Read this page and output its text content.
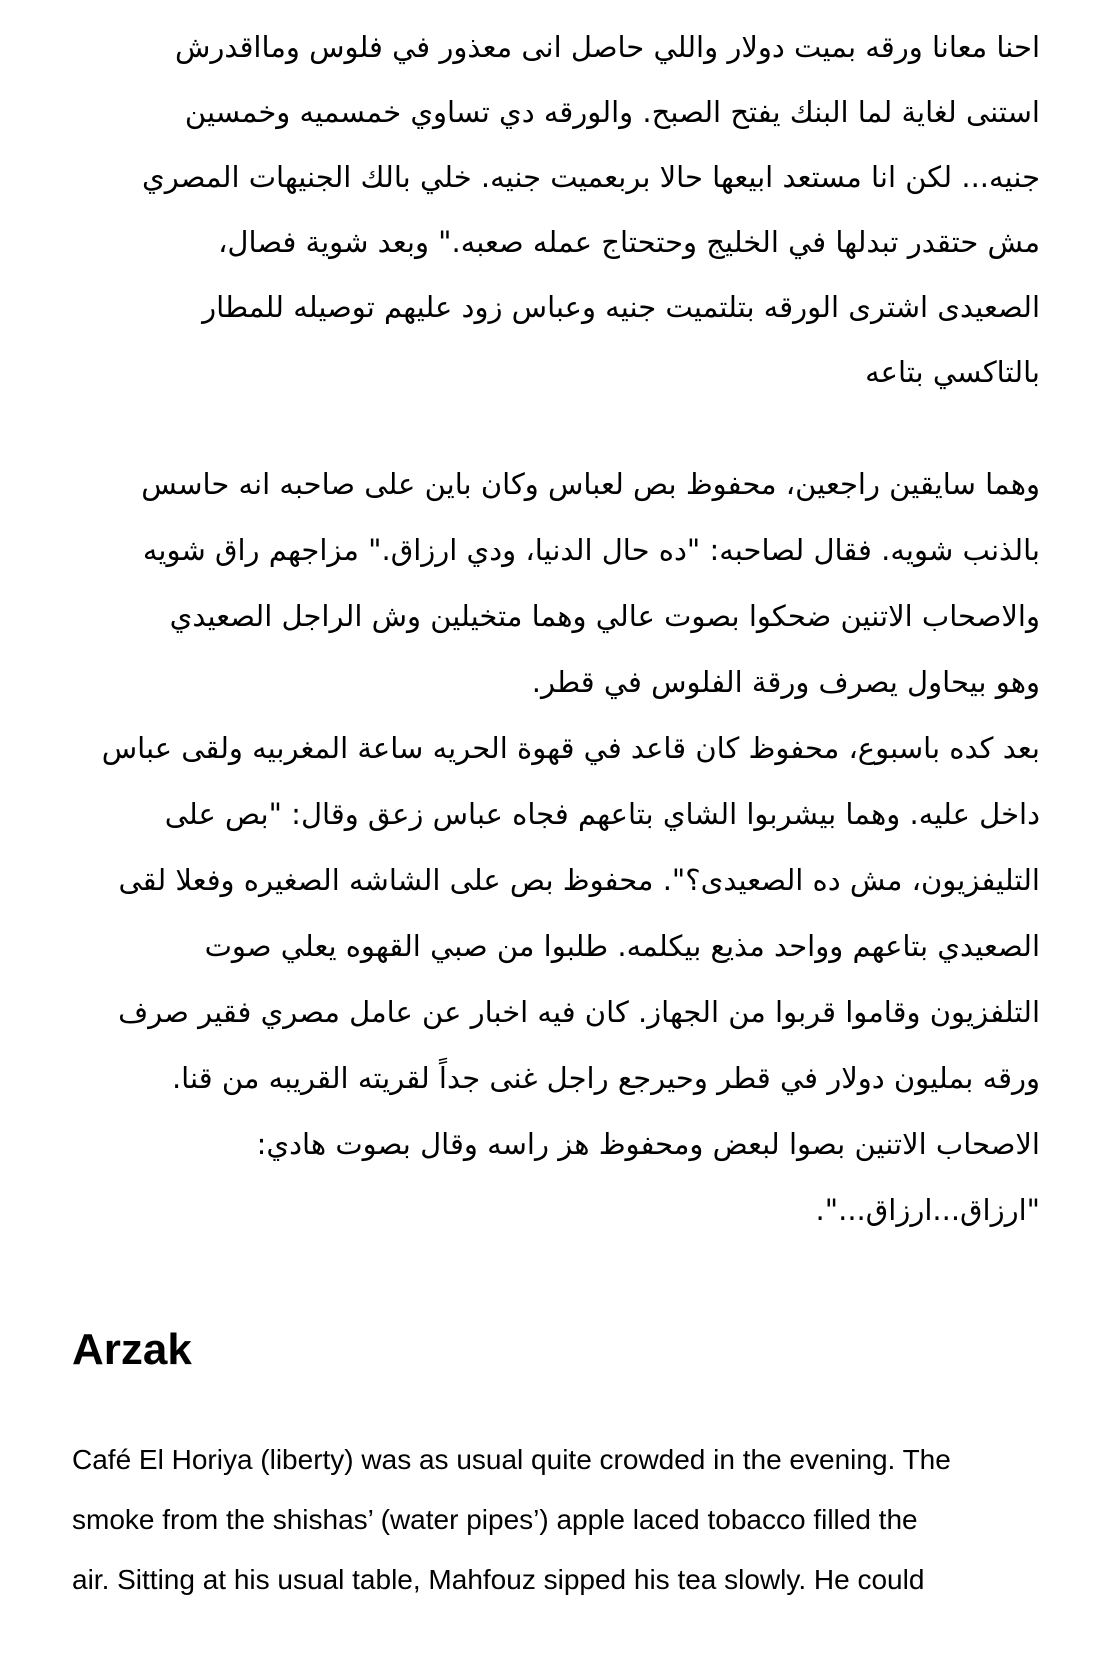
احنا معانا ورقه بميت دولار واللي حاصل انى معذور في فلوس ومااقدرش
استنى لغاية لما البنك يفتح الصبح. والورقه دي تساوي خمسميه وخمسين
جنيه... لكن انا مستعد ابيعها حالا بربعميت جنيه. خلي بالك الجنيهات المصري
مش حتقدر تبدلها في الخليج وحتحتاج عمله صعبه." وبعد شوية فصال،
الصعيدى اشترى الورقه بتلتميت جنيه وعباس زود عليهم توصيله للمطار
بالتاكسي بتاعه
وهما سايقين راجعين، محفوظ بص لعباس وكان باين على صاحبه انه حاسس
بالذنب شويه. فقال لصاحبه: "ده حال الدنيا، ودي ارزاق." مزاجهم راق شويه
والاصحاب الاتنين ضحكوا بصوت عالي وهما متخيلين وش الراجل الصعيدي
وهو بيحاول يصرف ورقة الفلوس في قطر.
بعد كده باسبوع، محفوظ كان قاعد في قهوة الحريه ساعة المغربيه ولقى عباس
داخل عليه. وهما بيشربوا الشاي بتاعهم فجاه عباس زعق وقال: "بص على
التليفزيون، مش ده الصعيدى؟". محفوظ بص على الشاشه الصغيره وفعلا لقى
الصعيدي بتاعهم وواحد مذيع بيكلمه. طلبوا من صبي القهوه يعلي صوت
التلفزيون وقاموا قربوا من الجهاز. كان فيه اخبار عن عامل مصري فقير صرف
ورقه بمليون دولار في قطر وحيرجع راجل غنى جداً لقريته القريبه من قنا.
الاصحاب الاتنين بصوا لبعض ومحفوظ هز راسه وقال بصوت هادي:
"ارزاق...ارزاق...".
Arzak
Café El Horiya (liberty) was as usual quite crowded in the evening. The
smoke from the shishas’ (water pipes’) apple laced tobacco filled the
air. Sitting at his usual table, Mahfouz sipped his tea slowly. He could
